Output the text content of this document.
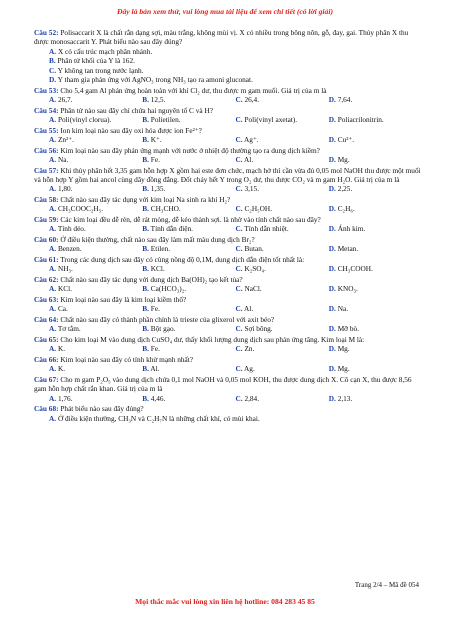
Đây là bản xem thử, vui lòng mua tài liệu để xem chi tiết (có lời giải)
Câu 52: Polisaccarit X là chất rắn dạng sợi, màu trắng, không mùi vị. X có nhiều trong bông nõn, gỗ, đay, gai. Thủy phân X thu được monosaccarit Y. Phát biểu nào sau đây đúng?
A. X có cấu trúc mạch phân nhánh.
B. Phân tử khối của Y là 162.
C. Y không tan trong nước lạnh.
D. Y tham gia phản ứng với AgNO₃ trong NH₃ tạo ra amoni gluconat.
Câu 53: Cho 5,4 gam Al phản ứng hoàn toàn với khí Cl₂ dư, thu được m gam muối. Giá trị của m là
A. 26,7.	B. 12,5.	C. 26,4.	D. 7,64.
Câu 54: Phân tử nào sau đây chỉ chứa hai nguyên tố C và H?
A. Poli(vinyl clorua).	B. Polietilen.	C. Poli(vinyl axetat).	D. Poliacrilonitrin.
Câu 55: Ion kim loại nào sau đây oxi hóa được ion Fe²⁺?
A. Zn²⁺.	B. K⁺.	C. Ag⁺.	D. Cu²⁺.
Câu 56: Kim loại nào sau đây phản ứng mạnh với nước ở nhiệt độ thường tạo ra dung dịch kiềm?
A. Na.	B. Fe.	C. Al.	D. Mg.
Câu 57: Khi thủy phân hết 3,35 gam hỗn hợp X gồm hai este đơn chức, mạch hở thì cần vừa đủ 0,05 mol NaOH thu được một muối và hỗn hợp Y gồm hai ancol cùng dãy đồng đẳng. Đốt cháy hết Y trong O₂ dư, thu được CO₂ và m gam H₂O. Giá trị của m là
A. 1,80.	B. 1,35.	C. 3,15.	D. 2,25.
Câu 58: Chất nào sau đây tác dụng với kim loại Na sinh ra khí H₂?
A. CH₃COOC₂H₅.	B. CH₃CHO.	C. C₂H₅OH.	D. C₂H₆.
Câu 59: Các kim loại đều dễ rèn, dễ rát mỏng, dễ kéo thành sợi. là nhờ vào tính chất nào sau đây?
A. Tính dẻo.	B. Tính dẫn điện.	C. Tính dẫn nhiệt.	D. Ánh kim.
Câu 60: Ở điều kiện thường, chất nào sau đây làm mất màu dung dịch Br₂?
A. Benzen.	B. Etilen.	C. Butan.	D. Metan.
Câu 61: Trong các dung dịch sau đây có cùng nồng độ 0,1M, dung dịch dẫn điện tốt nhất là:
A. NH₃.	B. KCl.	C. K₂SO₄.	D. CH₃COOH.
Câu 62: Chất nào sau đây tác dụng với dung dịch Ba(OH)₂ tạo kết tủa?
A. KCl.	B. Ca(HCO₃)₂.	C. NaCl.	D. KNO₃.
Câu 63: Kim loại nào sau đây là kim loại kiềm thổ?
A. Ca.	B. Fe.	C. Al.	D. Na.
Câu 64: Chất nào sau đây có thành phần chính là trieste của glixerol với axit béo?
A. Tơ tằm.	B. Bột gạo.	C. Sợi bông.	D. Mỡ bò.
Câu 65: Cho kim loại M vào dung dịch CuSO₄ dư, thấy khối lượng dung dịch sau phản ứng tăng. Kim loại M là:
A. K.	B. Fe.	C. Zn.	D. Mg.
Câu 66: Kim loại nào sau đây có tính khử mạnh nhất?
A. K.	B. Al.	C. Ag.	D. Mg.
Câu 67: Cho m gam P₂O₅ vào dung dịch chứa 0,1 mol NaOH và 0,05 mol KOH, thu được dung dịch X. Cô cạn X, thu được 8,56 gam hỗn hợp chất rắn khan. Giá trị của m là
A. 1,76.	B. 4,46.	C. 2,84.	D. 2,13.
Câu 68: Phát biểu nào sau đây đúng?
A. Ở điều kiện thường, CH₃N và C₂H₇N là những chất khí, có mùi khai.
Trang 2/4 – Mã đề 054
Mọi thắc mắc vui lòng xin liên hệ hotline: 084 283 45 85
